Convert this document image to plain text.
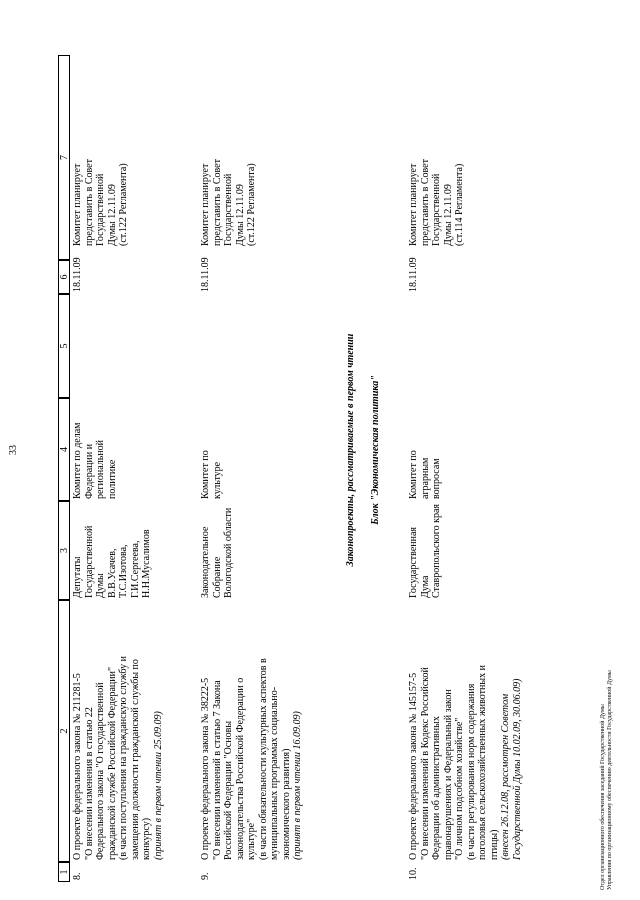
33
1
2
3
4
5
6
7
8.
О проекте федерального закона № 211281-5 "О внесении изменения в статью 22 Федерального закона "О государственной гражданской службе Российской Федерации" (в части поступления на гражданскую службу и замещения должности гражданской службы по конкурсу) (принят в первом чтении 25.09.09)
Депутаты Государственной Думы В.В.Усачев, Т.С.Изотова, Г.И.Сергеева, Н.Н.Мусалимов
Комитет по делам Федерации и региональной политике
18.11.09
Комитет планирует представить в Совет Государственной Думы 12.11.09 (ст.122 Регламента)
9.
О проекте федерального закона № 38222-5 "О внесении изменений в статью 7 Закона Российской Федерации "Основы законодательства Российской Федерации о культуре" (в части обязательности культурных аспектов в муниципальных программах социально- экономического развития) (принят в первом чтении 16.09.09)
Законодательное Собрание Вологодской области
Комитет по культуре
18.11.09
Комитет планирует представить в Совет Государственной Думы 12.11.09 (ст.122 Регламента)
Законопроекты, рассматриваемые в первом чтении Блок "Экономическая политика"
10.
О проекте федерального закона № 145157-5 "О внесении изменений в Кодекс Российской Федерации об административных правонарушениях и Федеральный закон "О личном подсобном хозяйстве" (в части регулирования норм содержания поголовья сельскохозяйственных животных и птицы) (внесен 26.12.08, рассмотрен Советом Государственной Думы 10.02.09, 30.06.09)
Государственная Дума Ставропольского края
Комитет по аграрным вопросам
18.11.09
Комитет планирует представить в Совет Государственной Думы 12.11.09 (ст.114 Регламента)
Отдел организационного обеспечения заседаний Государственной Думы Управления по организационному обеспечению деятельности Государственной Думы
